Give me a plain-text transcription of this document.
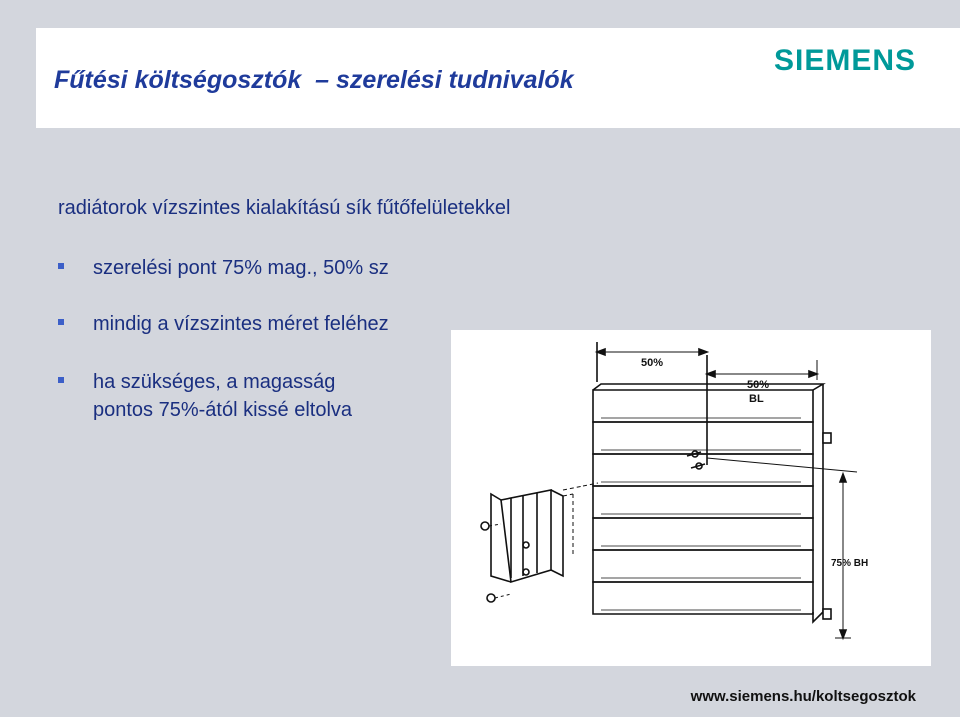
Fűtési költségosztók  – szerelési tudnivalók
SIEMENS
radiátorok vízszintes kialakítású sík fűtőfelületekkel
szerelési pont 75% mag., 50% sz
mindig a vízszintes méret feléhez
ha szükséges, a magasság
pontos 75%-ától kissé eltolva
50%
50%
BL
75% BH
www.siemens.hu/koltsegosztok
